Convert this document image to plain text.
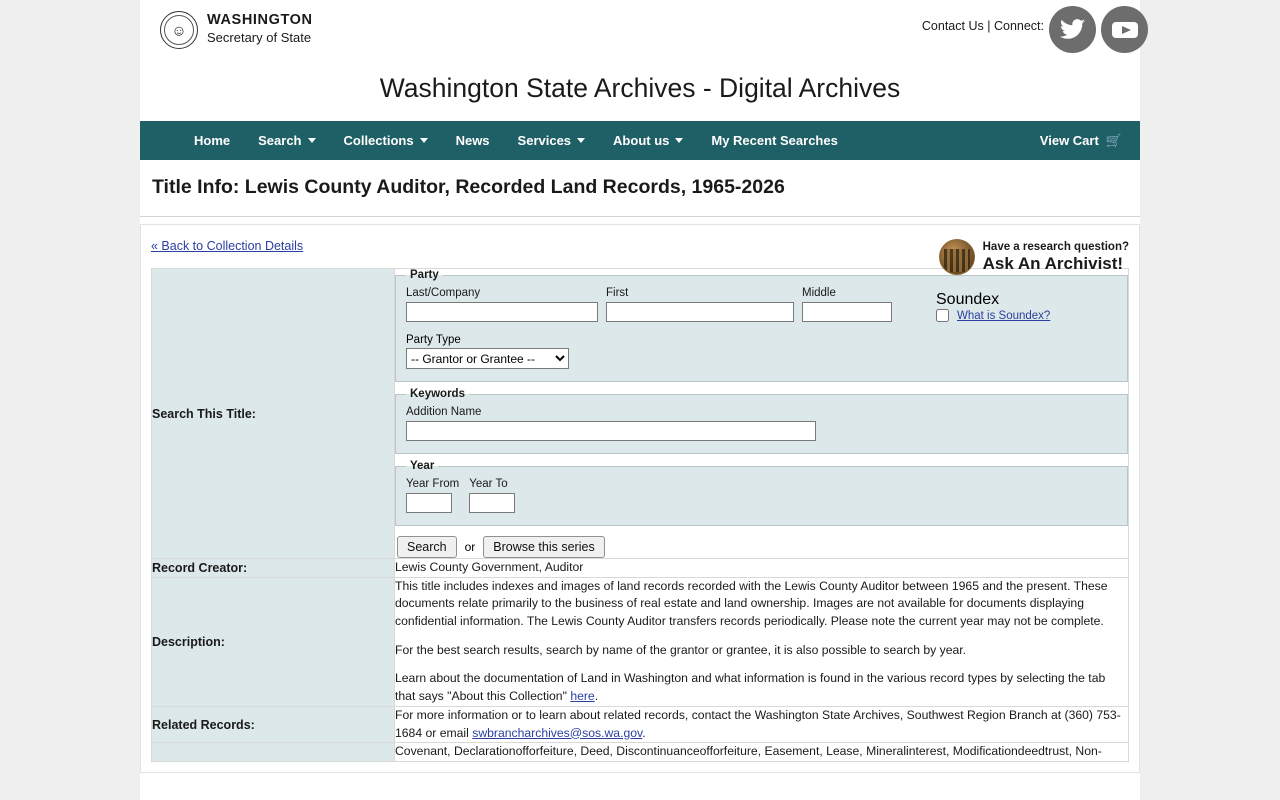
☺
WASHINGTON
Secretary of State
Contact Us | Connect:
Washington State Archives - Digital Archives
Home Search	Collections	News Services	About us	My Recent Searches	View Cart 🛒
Title Info: Lewis County Auditor, Recorded Land Records, 1965-2026
« Back to Collection Details	Have a research question?
Ask An Archivist!
Search This Title:	
Party
Last/Company	First	Middle	Soundex
What is Soundex?
Party Type
-- Grantor or Grantee --
Keywords
Addition Name
Year
Year From Year To
Search	or	Browse this series

Record Creator:	Lewis County Government, Auditor
Description:	This title includes indexes and images of land records recorded with the Lewis County Auditor between 1965 and the present. These documents relate primarily to the business of real estate and land ownership. Images are not available for documents displaying confidential information. The Lewis County Auditor transfers records periodically. Please note the current year may not be complete.

For the best search results, search by name of the grantor or grantee, it is also possible to search by year.

Learn about the documentation of Land in Washington and what information is found in the various record types by selecting the tab that says "About this Collection" here.

Related Records:	For more information or to learn about related records, contact the Washington State Archives, Southwest Region Branch at (360) 753-1684 or email swbrancharchives@sos.wa.gov.
	Covenant, Declarationofforfeiture, Deed, Discontinuanceofforfeiture, Easement, Lease, Mineralinterest, Modificationdeedtrust, Non-
